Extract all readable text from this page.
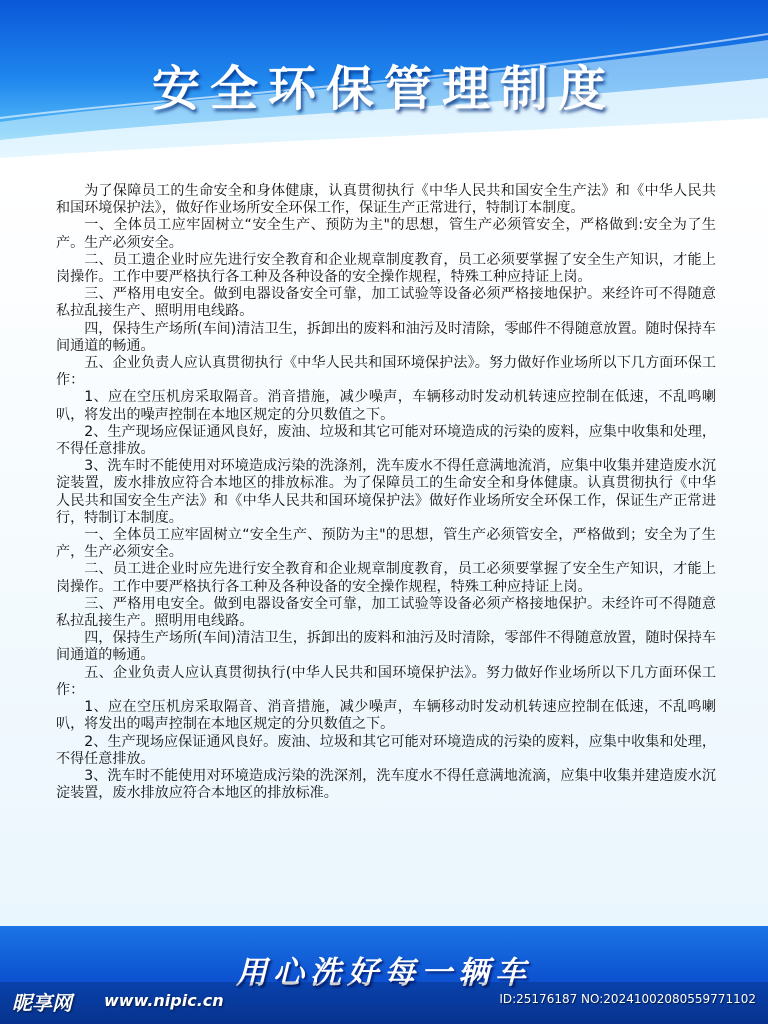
安全环保管理制度

为了保障员工的生命安全和身体健康，认真贯彻执行《中华人民共和国安全生产法》和《中华人民共和国环境保护法》，做好作业场所安全环保工作，保证生产正常进行，特制订本制度。

一、全体员工应牢固树立“安全生产、预防为主"的思想，管生产必须管安全，严格做到:安全为了生产。生产必须安全。

二、员工遗企业时应先进行安全教育和企业规章制度教育，员工必须要掌握了安全生产知识，才能上岗操作。工作中要严格执行各工种及各种设备的安全操作规程，特殊工种应持证上岗。

三、严格用电安全。做到电器设备安全可靠，加工试验等设备必须严格接地保护。来经许可不得随意私拉乱接生产、照明用电线路。

四，保持生产场所(车间)清洁卫生，拆卸出的废料和油污及时清除，零邮件不得随意放置。随时保持车间通道的畅通。

五、企业负责人应认真贯彻执行《中华人民共和国环境保护法》。努力做好作业场所以下几方面环保工作：

1、应在空压机房采取隔音。消音措施，减少噪声，车辆移动时发动机转速应控制在低速，不乱鸣喇叭，将发出的噪声控制在本地区规定的分贝数值之下。

2、生产现场应保证通风良好，废油、垃圾和其它可能对环境造成的污染的废料，应集中收集和处理，不得任意排放。

3、洗车时不能使用对环境造成污染的洗涤剂，洗车废水不得任意满地流消，应集中收集并建造废水沉淀装置，废水排放应符合本地区的排放标准。为了保障员工的生命安全和身体健康。认真贯彻执行《中华人民共和国安全生产法》和《中华人民共和国环境保护法》做好作业场所安全环保工作，保证生产正常进行，特制订本制度。

一、全体员工应牢固树立“安全生产、预防为主"的思想，管生产必须管安全，严格做到；安全为了生产，生产必须安全。

二、员工进企业时应先进行安全教育和企业规章制度教育，员工必须要掌握了安全生产知识，才能上岗操作。工作中要严格执行各工种及各种设备的安全操作规程，特殊工种应持证上岗。

三、严格用电安全。做到电器设备安全可靠，加工试验等设备必须产格接地保护。未经许可不得随意私拉乱接生产。照明用电线路。

四，保持生产场所(车间)清洁卫生，拆卸出的废料和油污及时清除，零部件不得随意放置，随时保持车间通道的畅通。

五、企业负责人应认真贯彻执行(中华人民共和国环境保护法》。努力做好作业场所以下几方面环保工作：

1、应在空压机房采取隔音、消音措施，减少噪声，车辆移动时发动机转速应控制在低速，不乱鸣喇叭，将发出的喝声控制在本地区规定的分贝数值之下。

2、生产现场应保证通风良好。废油、垃圾和其它可能对环境造成的污染的废料，应集中收集和处理，不得任意排放。

3、洗车时不能使用对环境造成污染的洗深剂，洗车度水不得任意满地流滴，应集中收集并建造废水沉淀装置，废水排放应符合本地区的排放标准。

用心洗好每一辆车
昵享网 www.nipic.cn	ID:25176187 NO:20241002080559771102
